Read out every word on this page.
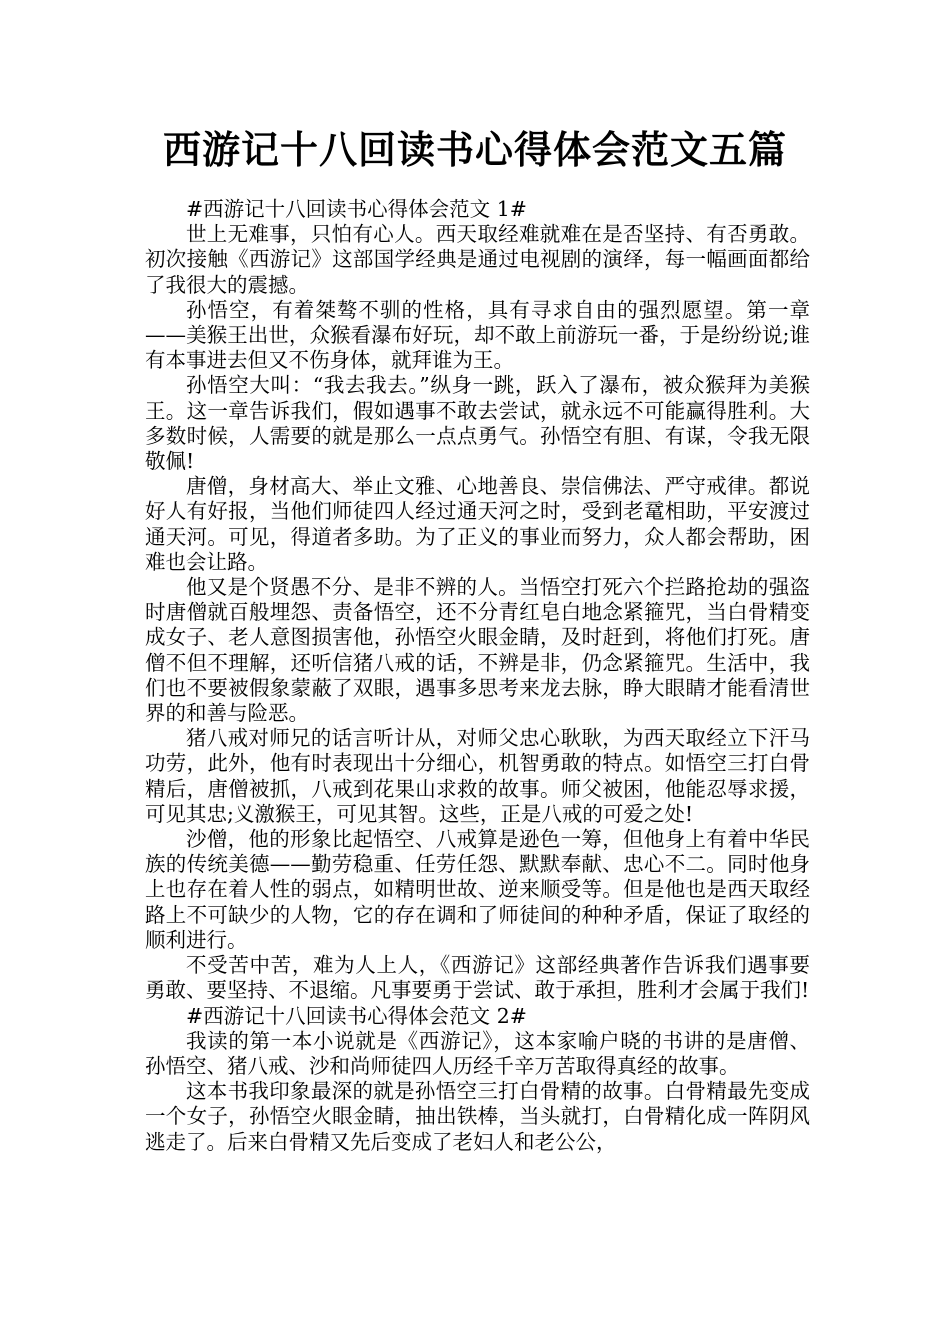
西游记十八回读书心得体会范文五篇

#西游记十八回读书心得体会范文 1#

世上无难事，只怕有心人。西天取经难就难在是否坚持、有否勇敢。初次接触《西游记》这部国学经典是通过电视剧的演绎，每一幅画面都给了我很大的震撼。

孙悟空，有着桀骜不驯的性格，具有寻求自由的强烈愿望。第一章——美猴王出世，众猴看瀑布好玩，却不敢上前游玩一番，于是纷纷说;谁有本事进去但又不伤身体，就拜谁为王。

孙悟空大叫：“我去我去。”纵身一跳，跃入了瀑布，被众猴拜为美猴王。这一章告诉我们，假如遇事不敢去尝试，就永远不可能赢得胜利。大多数时候，人需要的就是那么一点点勇气。孙悟空有胆、有谋，令我无限敬佩!

唐僧，身材高大、举止文雅、心地善良、崇信佛法、严守戒律。都说好人有好报，当他们师徒四人经过通天河之时，受到老鼋相助，平安渡过通天河。可见，得道者多助。为了正义的事业而努力，众人都会帮助，困难也会让路。

他又是个贤愚不分、是非不辨的人。当悟空打死六个拦路抢劫的强盗时唐僧就百般埋怨、责备悟空，还不分青红皂白地念紧箍咒，当白骨精变成女子、老人意图损害他，孙悟空火眼金睛，及时赶到，将他们打死。唐僧不但不理解，还听信猪八戒的话，不辨是非，仍念紧箍咒。生活中，我们也不要被假象蒙蔽了双眼，遇事多思考来龙去脉，睁大眼睛才能看清世界的和善与险恶。

猪八戒对师兄的话言听计从，对师父忠心耿耿，为西天取经立下汗马功劳，此外，他有时表现出十分细心，机智勇敢的特点。如悟空三打白骨精后，唐僧被抓，八戒到花果山求救的故事。师父被困，他能忍辱求援，可见其忠;义激猴王，可见其智。这些，正是八戒的可爱之处!

沙僧，他的形象比起悟空、八戒算是逊色一筹，但他身上有着中华民族的传统美德——勤劳稳重、任劳任怨、默默奉献、忠心不二。同时他身上也存在着人性的弱点，如精明世故、逆来顺受等。但是他也是西天取经路上不可缺少的人物，它的存在调和了师徒间的种种矛盾，保证了取经的顺利进行。

不受苦中苦，难为人上人，《西游记》这部经典著作告诉我们遇事要勇敢、要坚持、不退缩。凡事要勇于尝试、敢于承担，胜利才会属于我们!

#西游记十八回读书心得体会范文 2#

我读的第一本小说就是《西游记》，这本家喻户晓的书讲的是唐僧、孙悟空、猪八戒、沙和尚师徒四人历经千辛万苦取得真经的故事。

这本书我印象最深的就是孙悟空三打白骨精的故事。白骨精最先变成一个女子，孙悟空火眼金睛，抽出铁棒，当头就打，白骨精化成一阵阴风逃走了。后来白骨精又先后变成了老妇人和老公公，
